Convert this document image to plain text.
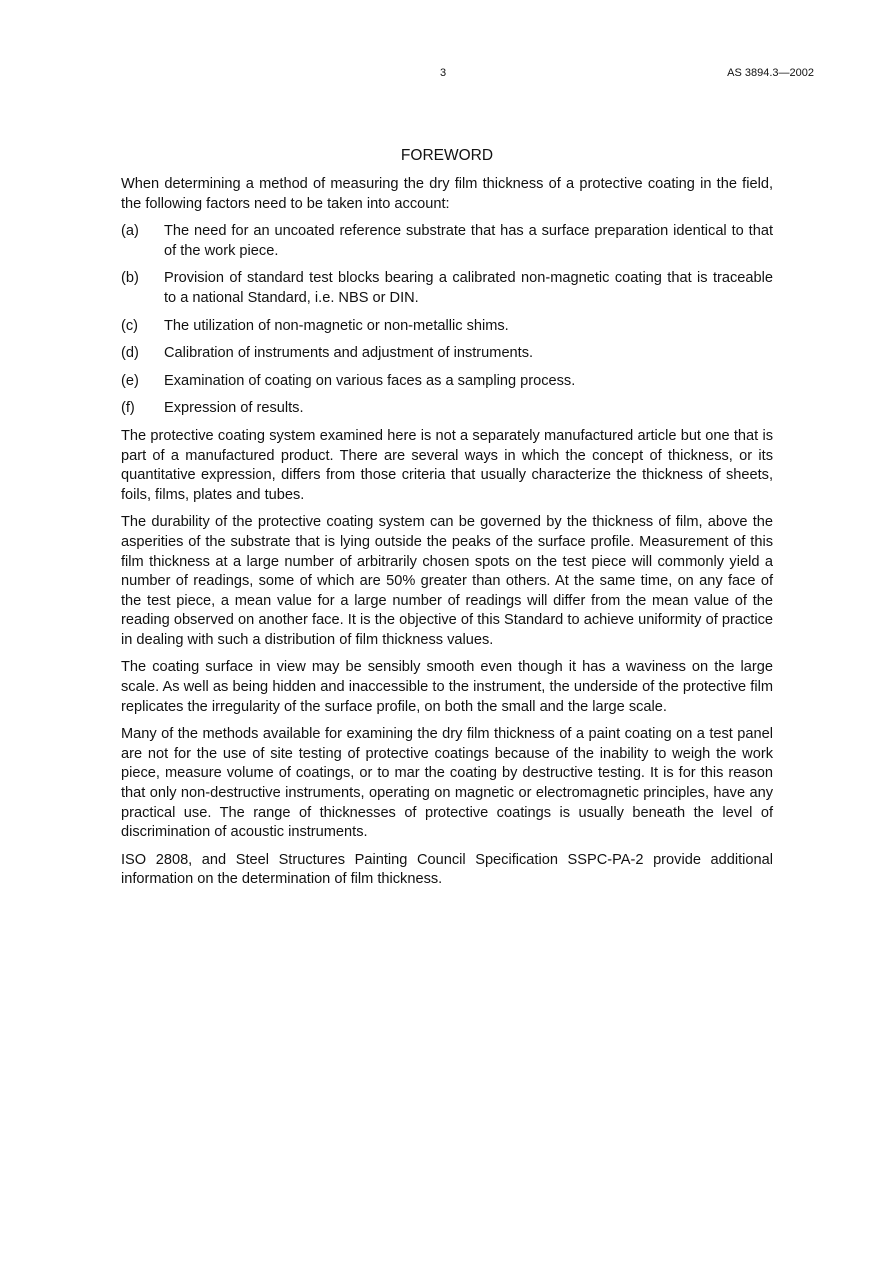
3	AS 3894.3—2002
FOREWORD

When determining a method of measuring the dry film thickness of a protective coating in the field, the following factors need to be taken into account:

(a)	The need for an uncoated reference substrate that has a surface preparation identical to that of the work piece.
(b)	Provision of standard test blocks bearing a calibrated non-magnetic coating that is traceable to a national Standard, i.e. NBS or DIN.
(c)	The utilization of non-magnetic or non-metallic shims.
(d)	Calibration of instruments and adjustment of instruments.
(e)	Examination of coating on various faces as a sampling process.
(f)	Expression of results.

The protective coating system examined here is not a separately manufactured article but one that is part of a manufactured product. There are several ways in which the concept of thickness, or its quantitative expression, differs from those criteria that usually characterize the thickness of sheets, foils, films, plates and tubes.

The durability of the protective coating system can be governed by the thickness of film, above the asperities of the substrate that is lying outside the peaks of the surface profile. Measurement of this film thickness at a large number of arbitrarily chosen spots on the test piece will commonly yield a number of readings, some of which are 50% greater than others. At the same time, on any face of the test piece, a mean value for a large number of readings will differ from the mean value of the reading observed on another face. It is the objective of this Standard to achieve uniformity of practice in dealing with such a distribution of film thickness values.

The coating surface in view may be sensibly smooth even though it has a waviness on the large scale. As well as being hidden and inaccessible to the instrument, the underside of the protective film replicates the irregularity of the surface profile, on both the small and the large scale.

Many of the methods available for examining the dry film thickness of a paint coating on a test panel are not for the use of site testing of protective coatings because of the inability to weigh the work piece, measure volume of coatings, or to mar the coating by destructive testing. It is for this reason that only non-destructive instruments, operating on magnetic or electromagnetic principles, have any practical use. The range of thicknesses of protective coatings is usually beneath the level of discrimination of acoustic instruments.

ISO 2808, and Steel Structures Painting Council Specification SSPC-PA-2 provide additional information on the determination of film thickness.
